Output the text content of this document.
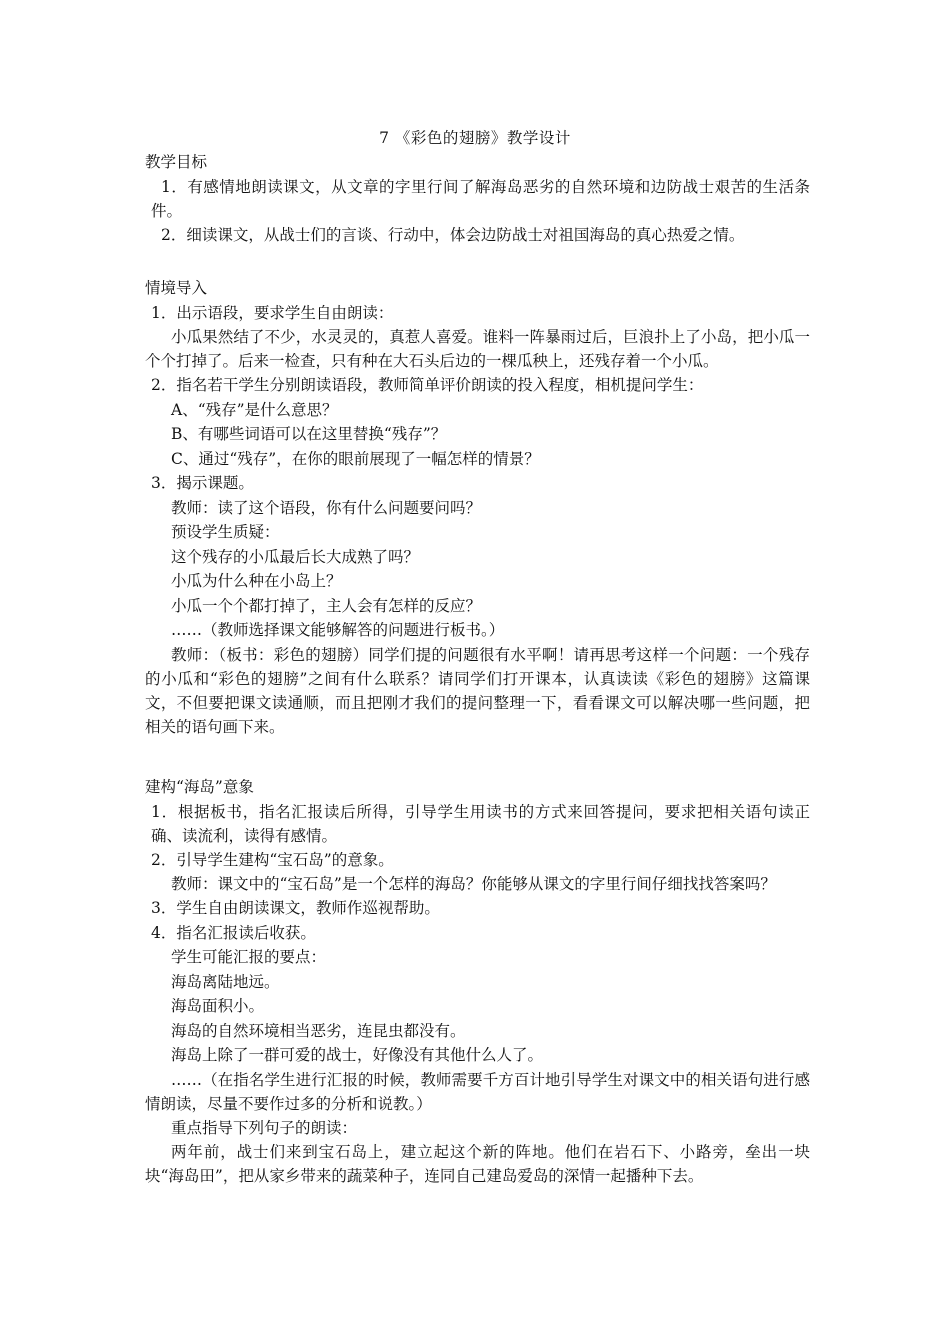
7 《彩色的翅膀》教学设计
教学目标
1．有感情地朗读课文，从文章的字里行间了解海岛恶劣的自然环境和边防战士艰苦的生活条件。
2．细读课文，从战士们的言谈、行动中，体会边防战士对祖国海岛的真心热爱之情。
情境导入
1．出示语段，要求学生自由朗读：
小瓜果然结了不少，水灵灵的，真惹人喜爱。谁料一阵暴雨过后，巨浪扑上了小岛，把小瓜一个个打掉了。后来一检查，只有种在大石头后边的一棵瓜秧上，还残存着一个小瓜。
2．指名若干学生分别朗读语段，教师简单评价朗读的投入程度，相机提问学生：
A、“残存”是什么意思？
B、有哪些词语可以在这里替换“残存”？
C、通过“残存”，在你的眼前展现了一幅怎样的情景？
3．揭示课题。
教师：读了这个语段，你有什么问题要问吗？
预设学生质疑：
这个残存的小瓜最后长大成熟了吗？
小瓜为什么种在小岛上？
小瓜一个个都打掉了，主人会有怎样的反应？
……（教师选择课文能够解答的问题进行板书。）
教师：（板书：彩色的翅膀）同学们提的问题很有水平啊！请再思考这样一个问题：一个残存的小瓜和“彩色的翅膀”之间有什么联系？请同学们打开课本，认真读读《彩色的翅膀》这篇课文，不但要把课文读通顺，而且把刚才我们的提问整理一下，看看课文可以解决哪一些问题，把相关的语句画下来。
建构“海岛”意象
1．根据板书，指名汇报读后所得，引导学生用读书的方式来回答提问，要求把相关语句读正确、读流利，读得有感情。
2．引导学生建构“宝石岛”的意象。
教师：课文中的“宝石岛”是一个怎样的海岛？你能够从课文的字里行间仔细找找答案吗？
3．学生自由朗读课文，教师作巡视帮助。
4．指名汇报读后收获。
学生可能汇报的要点：
海岛离陆地远。
海岛面积小。
海岛的自然环境相当恶劣，连昆虫都没有。
海岛上除了一群可爱的战士，好像没有其他什么人了。
……（在指名学生进行汇报的时候，教师需要千方百计地引导学生对课文中的相关语句进行感情朗读，尽量不要作过多的分析和说教。）
重点指导下列句子的朗读：
两年前，战士们来到宝石岛上，建立起这个新的阵地。他们在岩石下、小路旁，垒出一块块“海岛田”，把从家乡带来的蔬菜种子，连同自己建岛爱岛的深情一起播种下去。
